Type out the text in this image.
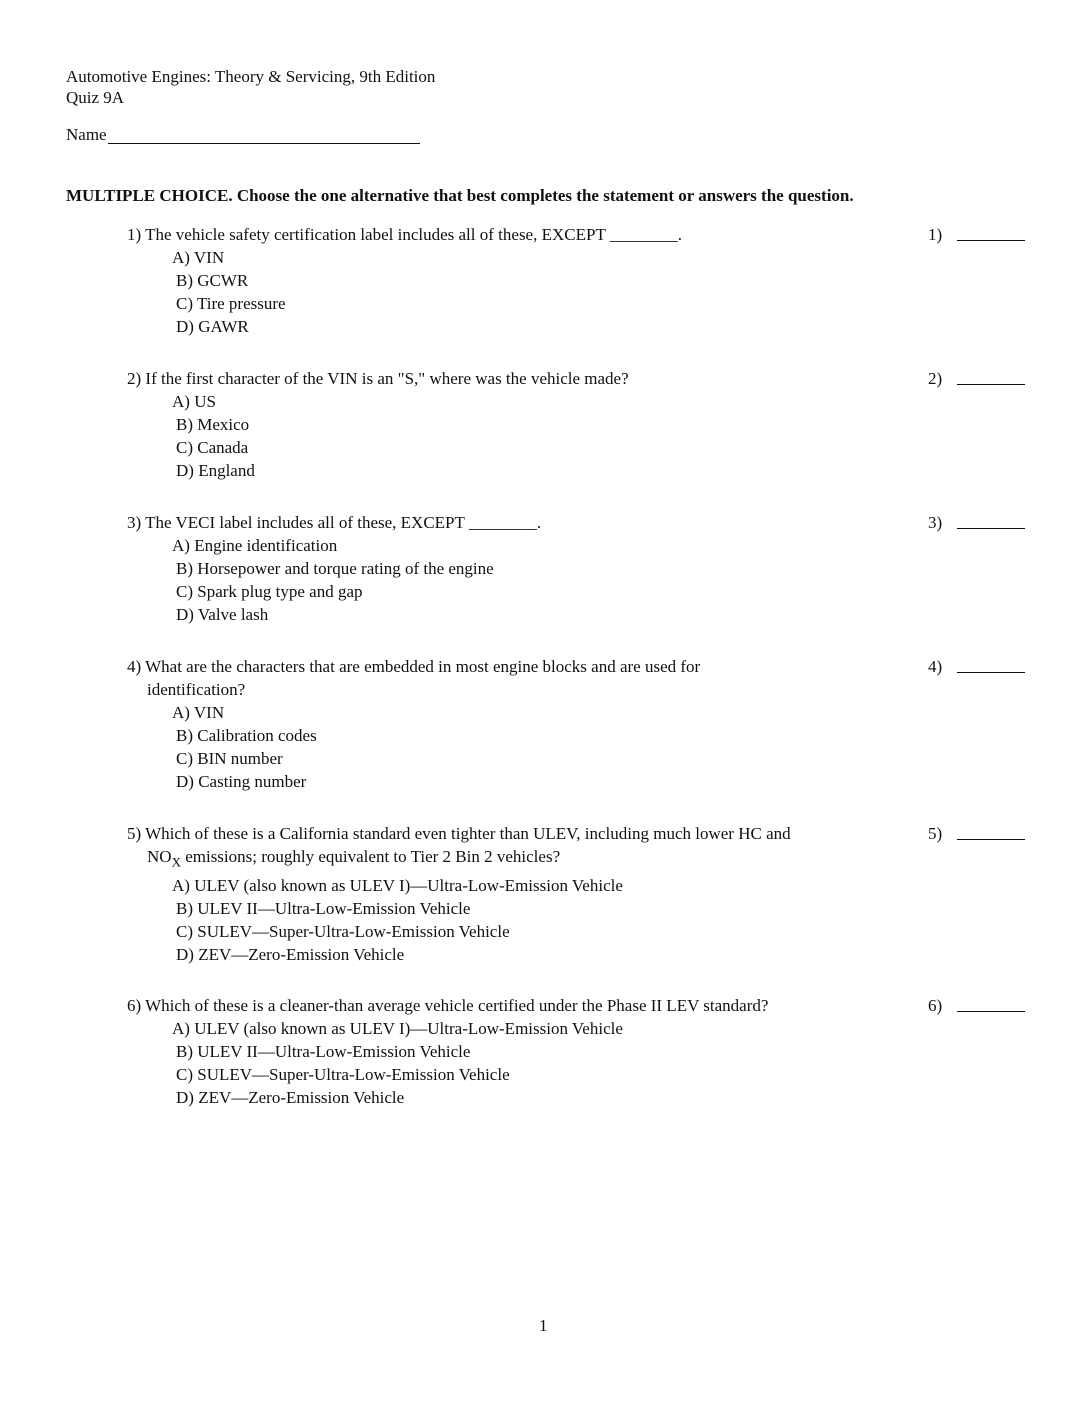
Automotive Engines: Theory & Servicing, 9th Edition
Quiz 9A
Name
MULTIPLE CHOICE. Choose the one alternative that best completes the statement or answers the question.
1) The vehicle safety certification label includes all of these, EXCEPT ________.
A) VIN
B) GCWR
C) Tire pressure
D) GAWR
1)
2) If the first character of the VIN is an "S," where was the vehicle made?
A) US
B) Mexico
C) Canada
D) England
2)
3) The VECI label includes all of these, EXCEPT ________.
A) Engine identification
B) Horsepower and torque rating of the engine
C) Spark plug type and gap
D) Valve lash
3)
4) What are the characters that are embedded in most engine blocks and are used for
identification?
A) VIN
B) Calibration codes
C) BIN number
D) Casting number
4)
5) Which of these is a California standard even tighter than ULEV, including much lower HC and
$NO_X$ emissions; roughly equivalent to Tier 2 Bin 2 vehicles?
A) ULEV (also known as ULEV I)—Ultra-Low-Emission Vehicle
B) ULEV II—Ultra-Low-Emission Vehicle
C) SULEV—Super-Ultra-Low-Emission Vehicle
D) ZEV—Zero-Emission Vehicle
5)
6) Which of these is a cleaner-than average vehicle certified under the Phase II LEV standard?
A) ULEV (also known as ULEV I)—Ultra-Low-Emission Vehicle
B) ULEV II—Ultra-Low-Emission Vehicle
C) SULEV—Super-Ultra-Low-Emission Vehicle
D) ZEV—Zero-Emission Vehicle
6)
1
